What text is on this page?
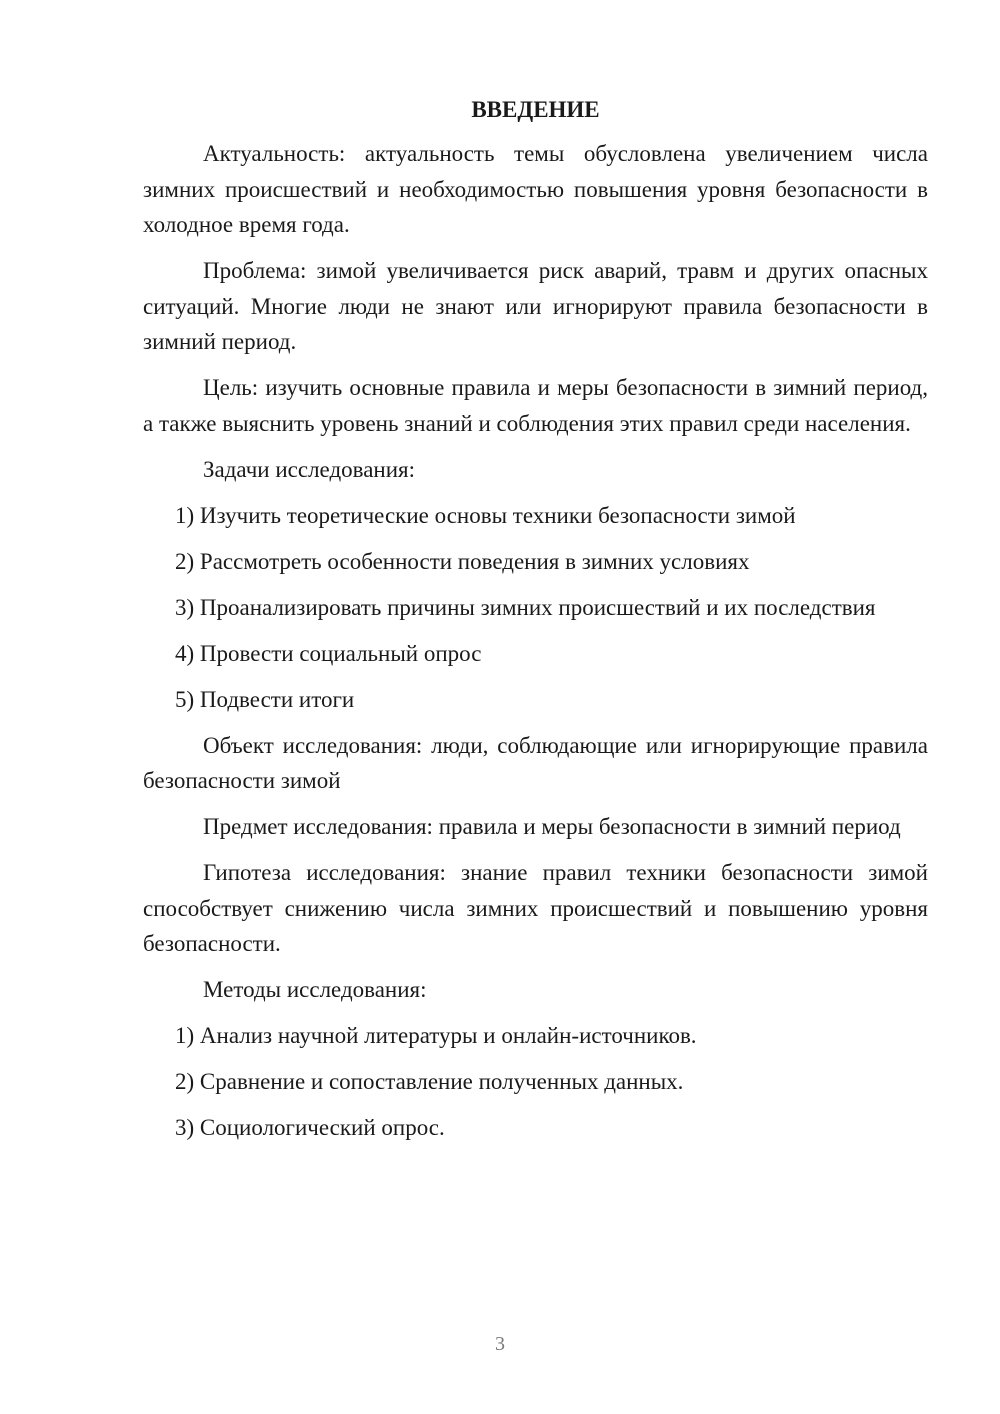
ВВЕДЕНИЕ

Актуальность: актуальность темы обусловлена увеличением числа зимних происшествий и необходимостью повышения уровня безопасности в холодное время года.

Проблема: зимой увеличивается риск аварий, травм и других опасных ситуаций. Многие люди не знают или игнорируют правила безопасности в зимний период.

Цель: изучить основные правила и меры безопасности в зимний период, а также выяснить уровень знаний и соблюдения этих правил среди населения.

Задачи исследования:

1) Изучить теоретические основы техники безопасности зимой

2) Рассмотреть особенности поведения в зимних условиях

3) Проанализировать причины зимних происшествий и их последствия

4) Провести социальный опрос

5) Подвести итоги

Объект исследования: люди, соблюдающие или игнорирующие правила безопасности зимой

Предмет исследования: правила и меры безопасности в зимний период

Гипотеза исследования: знание правил техники безопасности зимой способствует снижению числа зимних происшествий и повышению уровня безопасности.

Методы исследования:

1) Анализ научной литературы и онлайн-источников.

2) Сравнение и сопоставление полученных данных.

3) Социологический опрос.

3
